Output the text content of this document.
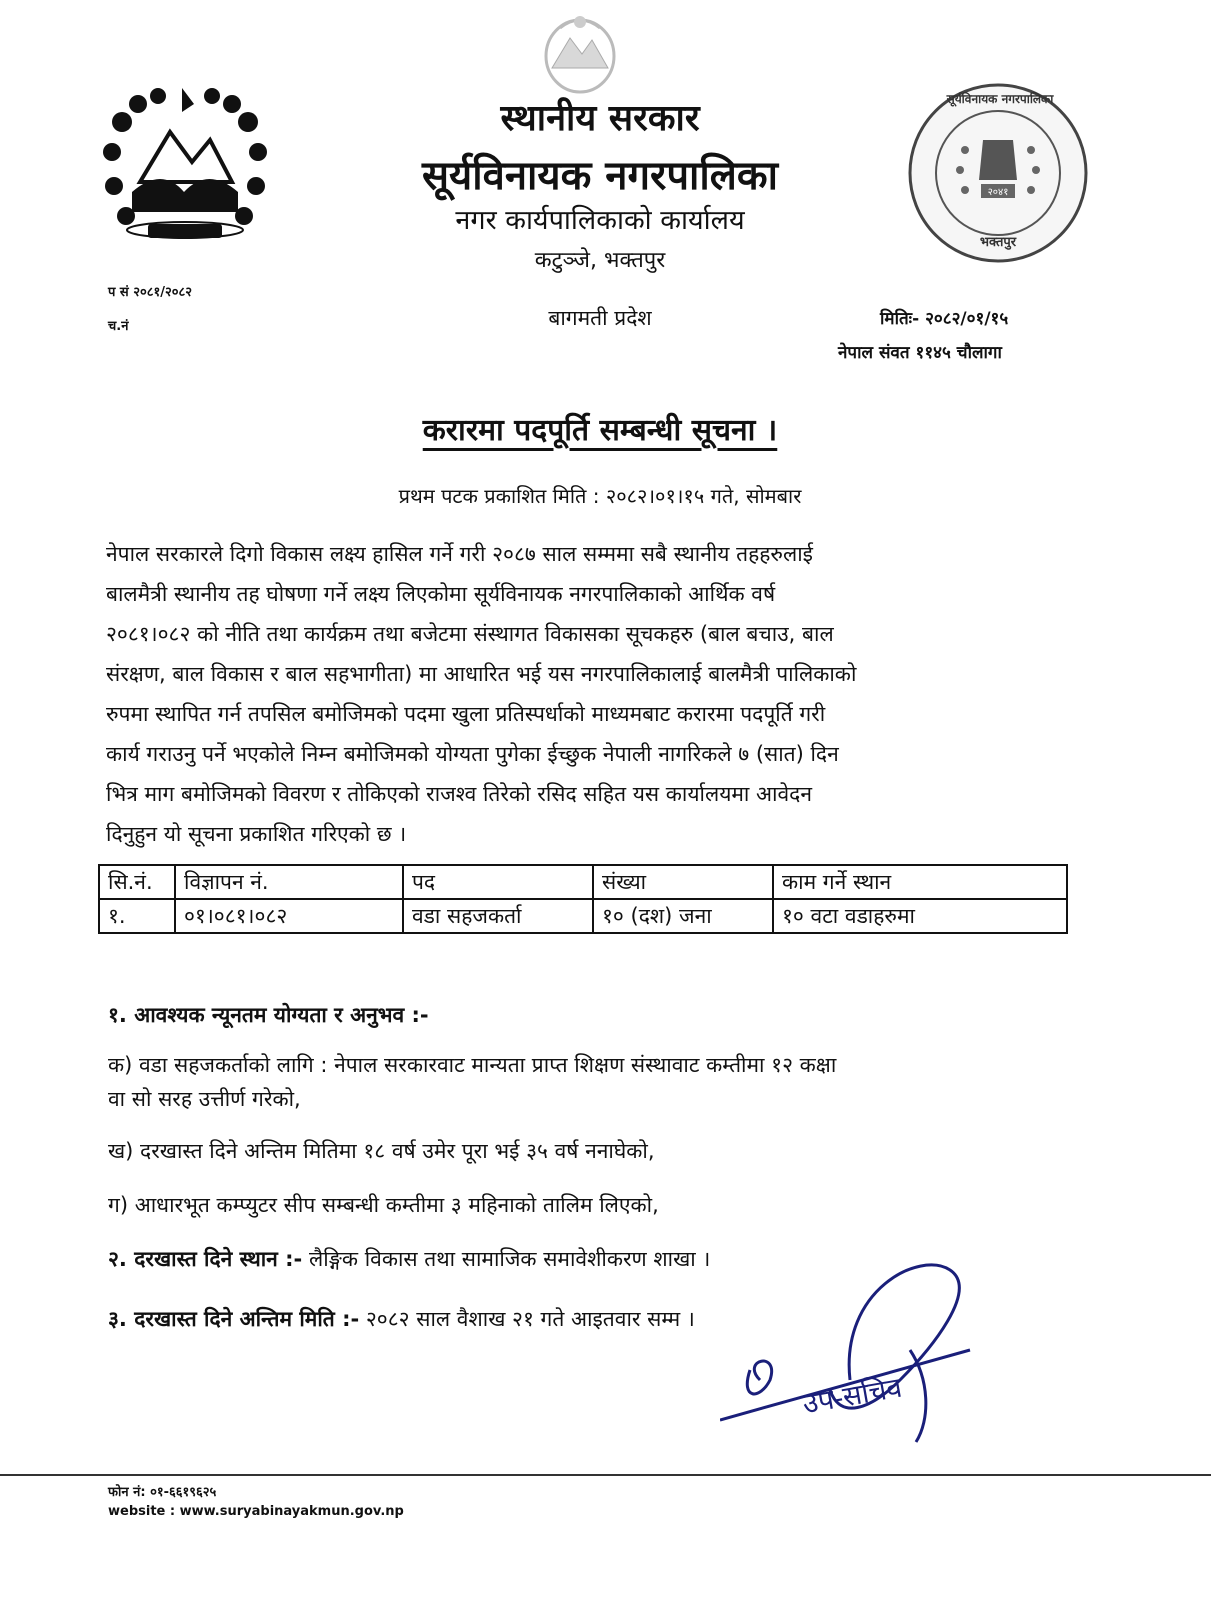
सूर्यविनायक नगरपालिका
२०४१
भक्तपुर
स्थानीय सरकार
सूर्यविनायक नगरपालिका
नगर कार्यपालिकाको कार्यालय
कटुञ्जे, भक्तपुर
प सं २०८१/२०८२
च.नं	बागमती प्रदेश	मितिः- २०८२/०१/१५
नेपाल संवत ११४५ चौलागा
करारमा पदपूर्ति सम्बन्धी सूचना ।
प्रथम पटक प्रकाशित मिति : २०८२।०१।१५ गते, सोमबार
नेपाल सरकारले दिगो विकास लक्ष्य हासिल गर्ने गरी २०८७ साल सम्ममा सबै स्थानीय तहहरुलाई
बालमैत्री स्थानीय तह घोषणा गर्ने लक्ष्य लिएकोमा सूर्यविनायक नगरपालिकाको आर्थिक वर्ष
२०८१।०८२ को नीति तथा कार्यक्रम तथा बजेटमा संस्थागत विकासका सूचकहरु (बाल बचाउ, बाल
संरक्षण, बाल विकास र बाल सहभागीता) मा आधारित भई यस नगरपालिकालाई बालमैत्री पालिकाको
रुपमा स्थापित गर्न तपसिल बमोजिमको पदमा खुला प्रतिस्पर्धाको माध्यमबाट करारमा पदपूर्ति गरी
कार्य गराउनु पर्ने भएकोले निम्न बमोजिमको योग्यता पुगेका ईच्छुक नेपाली नागरिकले ७ (सात) दिन
भित्र माग बमोजिमको विवरण र तोकिएको राजश्व तिरेको रसिद सहित यस कार्यालयमा आवेदन
दिनुहुन यो सूचना प्रकाशित गरिएको छ ।
सि.नं.	विज्ञापन नं.	पद	संख्या	काम गर्ने स्थान
१.	०१।०८१।०८२	वडा सहजकर्ता	१० (दश) जना	१० वटा वडाहरुमा
१. आवश्यक न्यूनतम योग्यता र अनुभव :-
क) वडा सहजकर्ताको लागि : नेपाल सरकारवाट मान्यता प्राप्त शिक्षण संस्थावाट कम्तीमा १२ कक्षा
वा सो सरह उत्तीर्ण गरेको,
ख) दरखास्त दिने अन्तिम मितिमा १८ वर्ष उमेर पूरा भई ३५ वर्ष ननाघेको,
ग) आधारभूत कम्प्युटर सीप सम्बन्धी कम्तीमा ३ महिनाको तालिम लिएको,
२. दरखास्त दिने स्थान :- लैङ्गिक विकास तथा सामाजिक समावेशीकरण शाखा ।
३. दरखास्त दिने अन्तिम मिति :- २०८२ साल वैशाख २१ गते आइतवार सम्म ।
उप-सचिव
फोन नं: ०१-६६१९६२५
website : www.suryabinayakmun.gov.np
